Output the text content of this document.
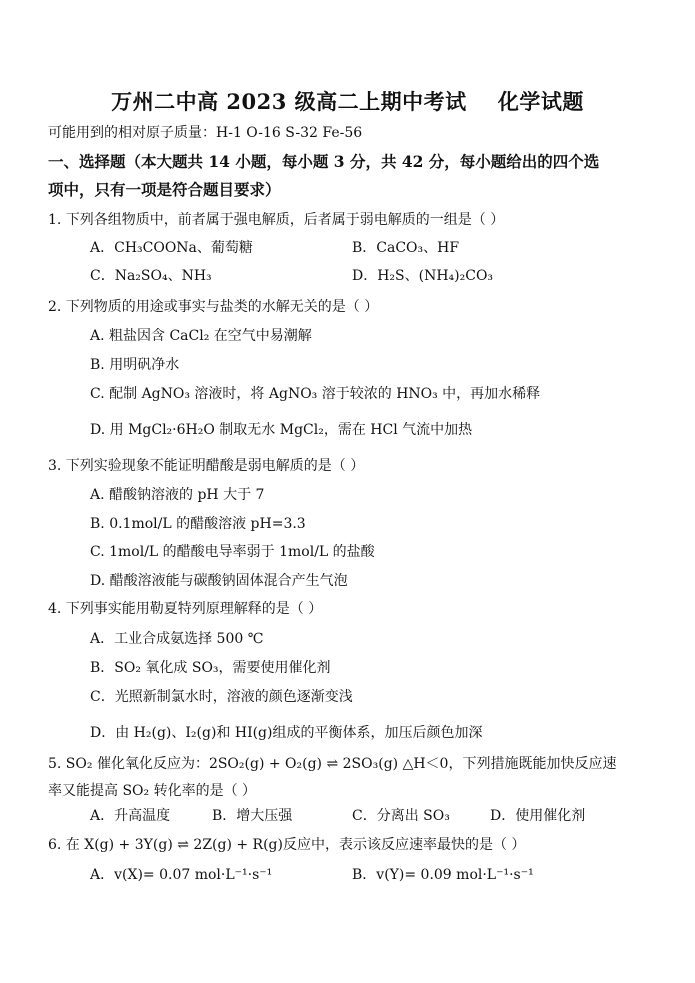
万州二中高 2023 级高二上期中考试    化学试题
可能用到的相对原子质量：H-1 O-16 S-32 Fe-56
一、选择题（本大题共 14 小题，每小题 3 分，共 42 分，每小题给出的四个选
项中，只有一项是符合题目要求）
1. 下列各组物质中，前者属于强电解质，后者属于弱电解质的一组是（ ）
A．CH₃COONa、葡萄糖	B．CaCO₃、HF
C．Na₂SO₄、NH₃	D．H₂S、(NH₄)₂CO₃
2. 下列物质的用途或事实与盐类的水解无关的是（ ）
A. 粗盐因含 CaCl₂ 在空气中易潮解
B. 用明矾净水
C. 配制 AgNO₃ 溶液时，将 AgNO₃ 溶于较浓的 HNO₃ 中，再加水稀释
D. 用 MgCl₂·6H₂O 制取无水 MgCl₂，需在 HCl 气流中加热
3. 下列实验现象不能证明醋酸是弱电解质的是（ ）
A. 醋酸钠溶液的 pH 大于 7
B. 0.1mol/L 的醋酸溶液 pH=3.3
C. 1mol/L 的醋酸电导率弱于 1mol/L 的盐酸
D. 醋酸溶液能与碳酸钠固体混合产生气泡
4. 下列事实能用勒夏特列原理解释的是（ ）
A．工业合成氨选择 500 ℃
B．SO₂ 氧化成 SO₃，需要使用催化剂
C．光照新制氯水时，溶液的颜色逐渐变浅
D．由 H₂(g)、I₂(g)和 HI(g)组成的平衡体系，加压后颜色加深
5. SO₂ 催化氧化反应为：2SO₂(g) + O₂(g) ⇌ 2SO₃(g) △H＜0，下列措施既能加快反应速
率又能提高 SO₂ 转化率的是（ ）
A．升高温度	B．增大压强	C．分离出 SO₃	D．使用催化剂
6. 在 X(g) + 3Y(g) ⇌ 2Z(g) + R(g)反应中，表示该反应速率最快的是（ ）
A．v(X)= 0.07 mol·L⁻¹·s⁻¹	B．v(Y)= 0.09 mol·L⁻¹·s⁻¹
